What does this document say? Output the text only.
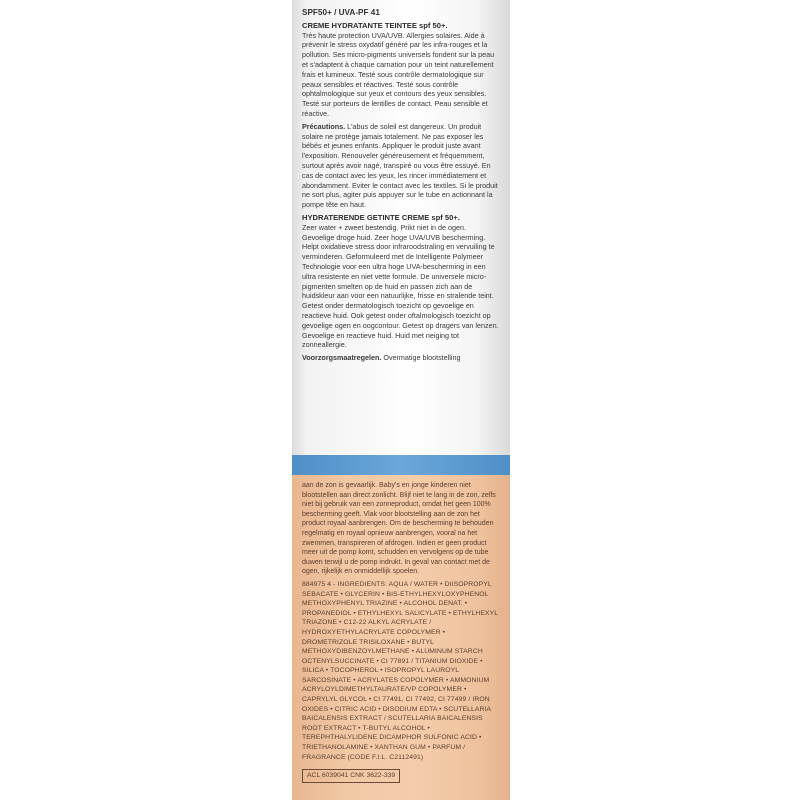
SPF50+ / UVA-PF 41
CREME HYDRATANTE TEINTEE spf 50+.

Très haute protection UVA/UVB. Allergies solaires. Aide à prévenir le stress oxydatif généré par les infra-rouges et la pollution. Ses micro-pigments universels fondent sur la peau et s'adaptent à chaque carnation pour un teint naturellement frais et lumineux. Testé sous contrôle dermatologique sur peaux sensibles et réactives. Testé sous contrôle ophtalmologique sur yeux et contours des yeux sensibles. Testé sur porteurs de lentilles de contact. Peau sensible et réactive.

Précautions. L'abus de soleil est dangereux. Un produit solaire ne protège jamais totalement. Ne pas exposer les bébés et jeunes enfants. Appliquer le produit juste avant l'exposition. Renouveler généreusement et fréquemment, surtout après avoir nagé, transpiré ou vous être essuyé. En cas de contact avec les yeux, les rincer immédiatement et abondamment. Eviter le contact avec les textiles. Si le produit ne sort plus, agiter puis appuyer sur le tube en actionnant la pompe tête en haut.

HYDRATERENDE GETINTE CREME spf 50+.

Zeer water + zweet bestendig. Prikt niet in de ogen. Gevoelige droge huid. Zeer hoge UVA/UVB bescherming. Helpt oxidatieve stress door infraroodstraling en vervuiling te verminderen. Geformuleerd met de Intelligente Polymeer Technologie voor een ultra hoge UVA-bescherming in een ultra resistente en niet vette formule. De universele micro-pigmenten smelten op de huid en passen zich aan de huidskleur aan voor een natuurlijke, frisse en stralende teint. Getest onder dermatologisch toezicht op gevoelige en reactieve huid. Ook getest onder oftalmologisch toezicht op gevoelige ogen en oogcontour. Getest op dragers van lenzen. Gevoelige en reactieve huid. Huid met neiging tot zonneallergie.

Voorzorgsmaatregelen. Overmatige blootstelling

aan de zon is gevaarlijk. Baby's en jonge kinderen niet blootstellen aan direct zonlicht. Blijf niet te lang in de zon, zelfs niet bij gebruik van een zonneproduct, omdat het geen 100% bescherming geeft. Vlak voor blootstelling aan de zon het product royaal aanbrengen. Om de bescherming te behouden regelmatig en royaal opnieuw aanbrengen, vooral na het zwemmen, transpireren of afdrogen. Indien er geen product meer uit de pomp komt, schudden en vervolgens op de tube duwen terwijl u de pomp indrukt. In geval van contact met de ogen, rijkelijk en onmiddellijk spoelen.

884975 4 - INGREDIENTS: AQUA / WATER • DIISOPROPYL SEBACATE • GLYCERIN • BIS-ETHYLHEXYLOXYPHENOL METHOXYPHENYL TRIAZINE • ALCOHOL DENAT. • PROPANEDIOL • ETHYLHEXYL SALICYLATE • ETHYLHEXYL TRIAZONE • C12-22 ALKYL ACRYLATE / HYDROXYETHYLACRYLATE COPOLYMER • DROMETRIZOLE TRISILOXANE • BUTYL METHOXYDIBENZOYLMETHANE • ALUMINUM STARCH OCTENYLSUCCINATE • CI 77891 / TITANIUM DIOXIDE • SILICA • TOCOPHEROL • ISOPROPYL LAUROYL SARCOSINATE • ACRYLATES COPOLYMER • AMMONIUM ACRYLOYLDIMETHYLTAURATE/VP COPOLYMER • CAPRYLYL GLYCOL • CI 77491, CI 77492, CI 77499 / IRON OXIDES • CITRIC ACID • DISODIUM EDTA • SCUTELLARIA BAICALENSIS EXTRACT / SCUTELLARIA BAICALENSIS ROOT EXTRACT • T-BUTYL ALCOHOL • TEREPHTHALYLIDENE DICAMPHOR SULFONIC ACID • TRIETHANOLAMINE • XANTHAN GUM • PARFUM / FRAGRANCE (CODE F.I.L. C2112491)

ACL 6039041 CNK 3622-339
